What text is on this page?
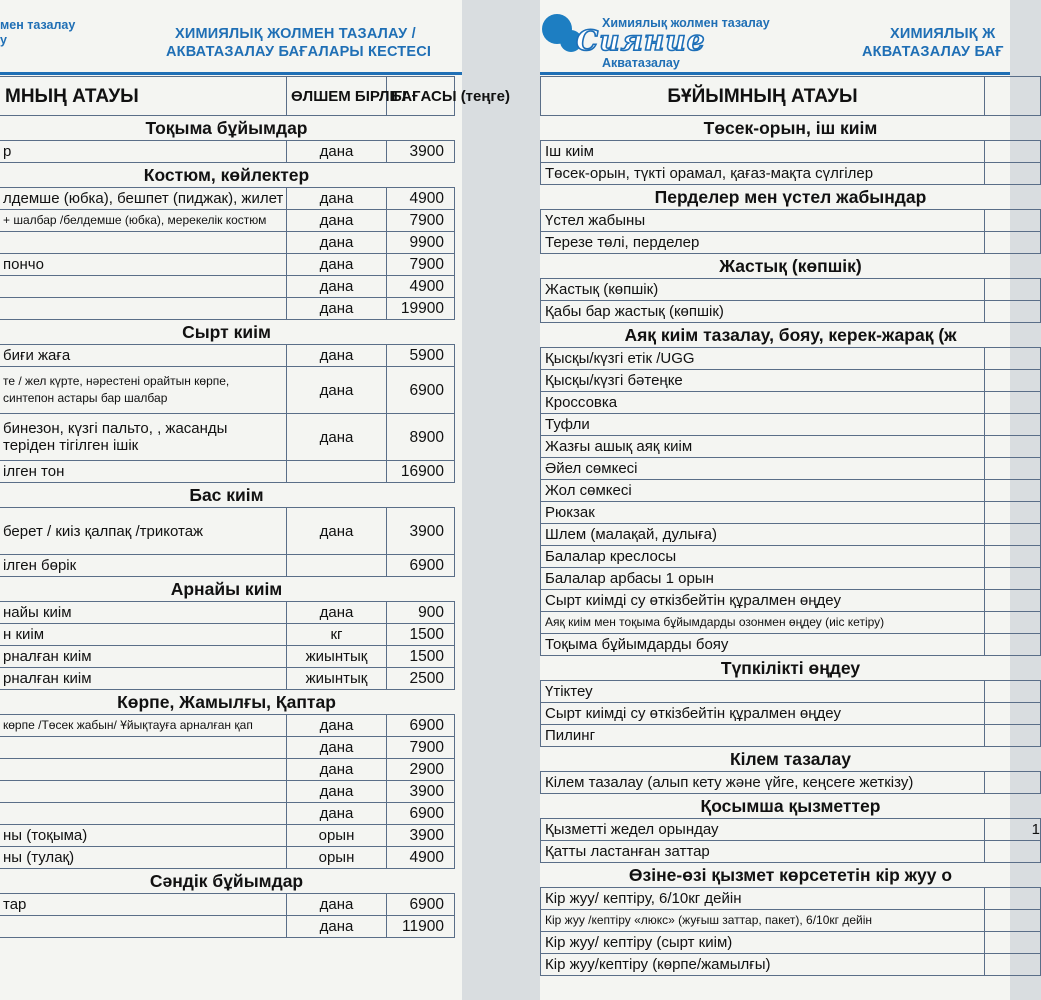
мен тазалау
у	ХИМИЯЛЫҚ ЖОЛМЕН ТАЗАЛАУ /
АКВАТАЗАЛАУ БАҒАЛАРЫ КЕСТЕСІ
МНЫҢ АТАУЫ	ӨЛШЕМ БІРЛІГІ	БАҒАСЫ (теңге)
Тоқыма бұйымдар		
р	дана	3900
Костюм, көйлектер		
лдемше (юбка), бешпет (пиджак), жилет	дана	4900
+ шалбар /белдемше (юбка), мерекелік костюм	дана	7900
	дана	9900
пончо	дана	7900
	дана	4900
	дана	19900
Сырт киім		
биғи жаға	дана	5900
те / жел күрте, нәрестені орайтын көрпе, синтепон астары бар шалбар	дана	6900
бинезон, күзгі пальто, , жасанды теріден тігілген ішік	дана	8900
ілген тон		16900
Бас киім		
берет / киіз қалпақ /трикотаж	дана	3900
ілген бөрік		6900
Арнайы киім		
найы киім	дана	900
н киім	кг	1500
рналған киім	жиынтық	1500
рналған киім	жиынтық	2500
Көрпе, Жамылғы, Қаптар		
көрпе /Төсек жабын/ Ұйықтауға арналған қап	дана	6900
	дана	7900
	дана	2900
	дана	3900
	дана	6900
ны (тоқыма)	орын	3900
ны (тулақ)	орын	4900
Сәндік бұйымдар		
тар	дана	6900
	дана	11900
Сияние
Химиялық жолмен тазалау
Акватазалау
ХИМИЯЛЫҚ Ж
АКВАТАЗАЛАУ БАҒ
БҰЙЫМНЫҢ АТАУЫ	
Төсек-орын, іш киім	
Іш киім	
Төсек-орын, түкті орамал, қағаз-мақта сүлгілер	
Перделер мен үстел жабындар	
Үстел жабыны	
Терезе төлі, перделер	
Жастық (көпшік)	
Жастық (көпшік)	
Қабы бар жастық (көпшік)	
Аяқ киім тазалау, бояу, керек-жарақ (ж	
Қысқы/күзгі етік /UGG	
Қысқы/күзгі бәтеңке	
Кроссовка	
Туфли	
Жазғы ашық аяқ киім	
Әйел сөмкесі	
Жол сөмкесі	
Рюкзак	
Шлем (малақай, дулыға)	
Балалар креслосы	
Балалар арбасы 1 орын	
Сырт киімді су өткізбейтін құралмен өңдеу	
Аяқ киім мен тоқыма бұйымдарды озонмен өңдеу (иіс кетіру)	
Тоқыма бұйымдарды бояу	
Түпкілікті өңдеу	
Үтіктеу	
Сырт киімді су өткізбейтін құралмен өңдеу	
Пилинг	
Кілем тазалау	
Кілем тазалау (алып кету және үйге, кеңсеге жеткізу)	
Қосымша қызметтер	
Қызметті жедел орындау	1
Қатты ластанған заттар	
Өзіне-өзі қызмет көрсететін кір жуу о	
Кір жуу/ кептіру, 6/10кг дейін	
Кір жуу /кептіру «люкс» (жуғыш заттар, пакет), 6/10кг дейін	
Кір жуу/ кептіру (сырт киім)	
Кір жуу/кептіру (көрпе/жамылғы)	
